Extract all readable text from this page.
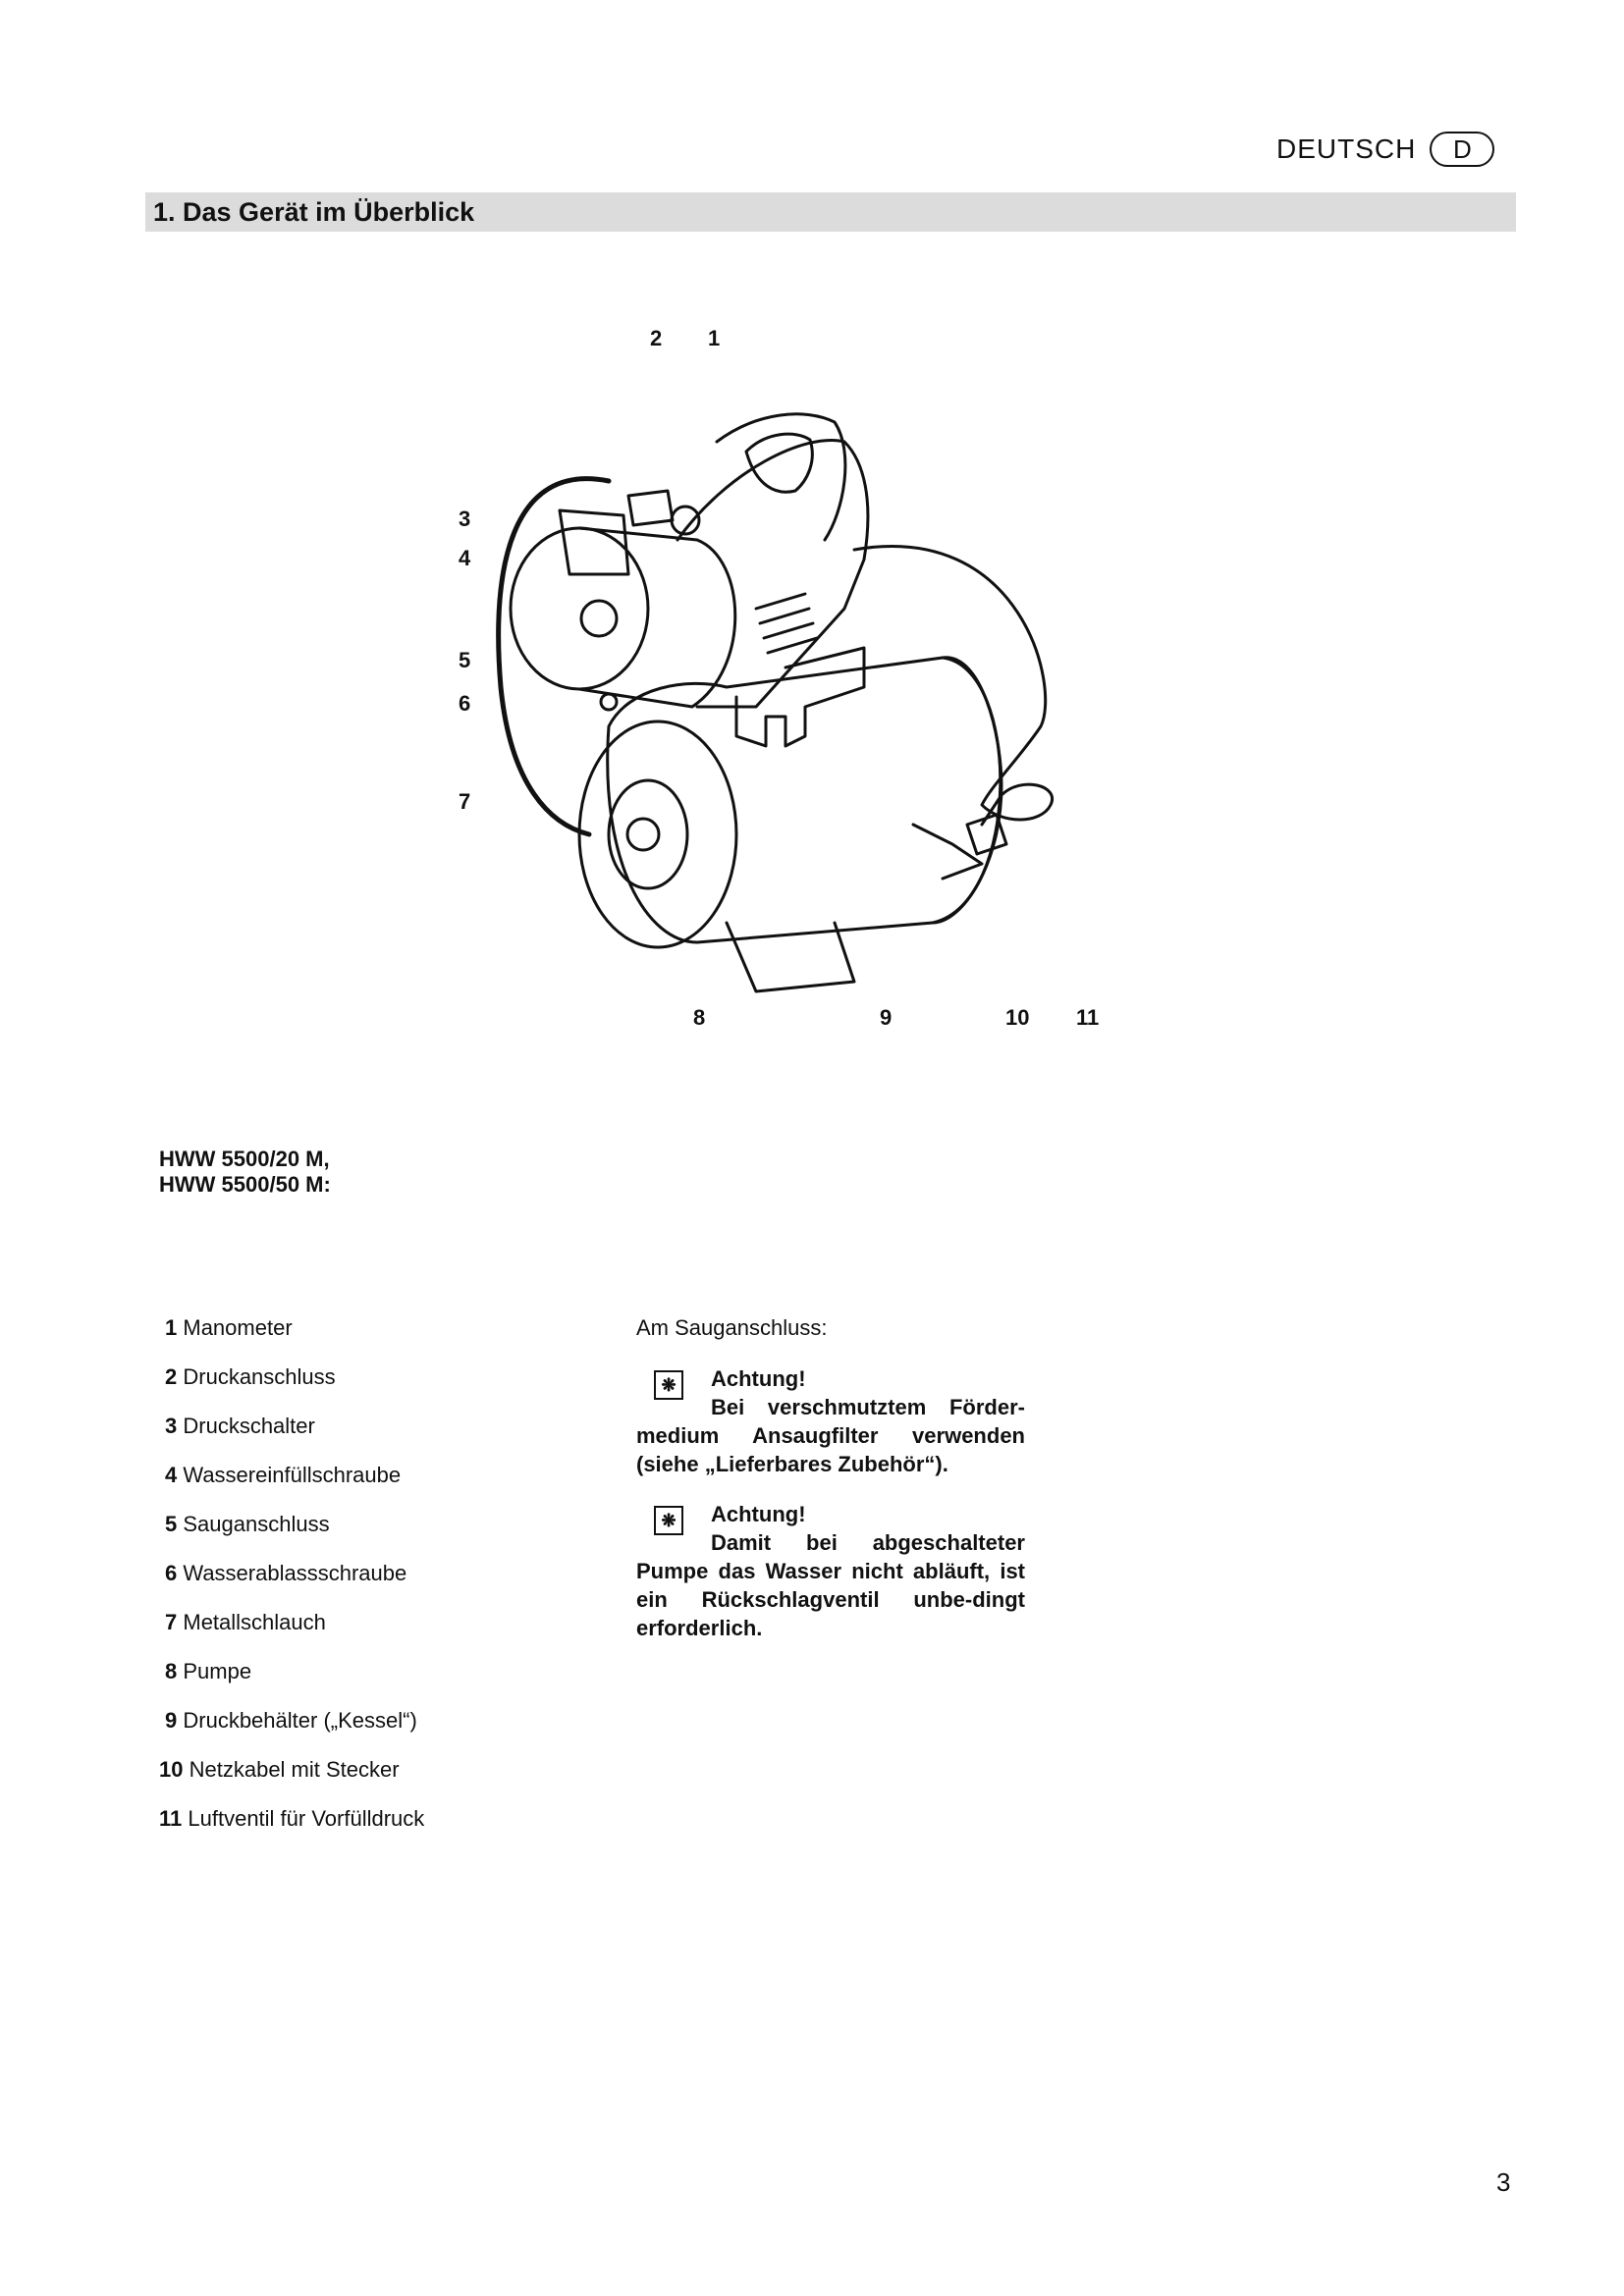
DEUTSCH	D
1. Das Gerät im Überblick
2 1
3
4
5
6
7
8	9	10 11
HWW 5500/20 M,
HWW 5500/50 M:
1 Manometer
2 Druckanschluss
3 Druckschalter
4 Wassereinfüllschraube
5 Sauganschluss
6 Wasserablassschraube
7 Metallschlauch
8 Pumpe
9 Druckbehälter („Kessel“)
10 Netzkabel mit Stecker
11 Luftventil für Vorfülldruck
Am Sauganschluss:
❋	Achtung!
Bei verschmutztem Förder-medium Ansaugfilter verwenden (siehe „Lieferbares Zubehör“).
❋	Achtung!
Damit bei abgeschalteter Pumpe das Wasser nicht abläuft, ist ein Rückschlagventil unbe-dingt erforderlich.
3
